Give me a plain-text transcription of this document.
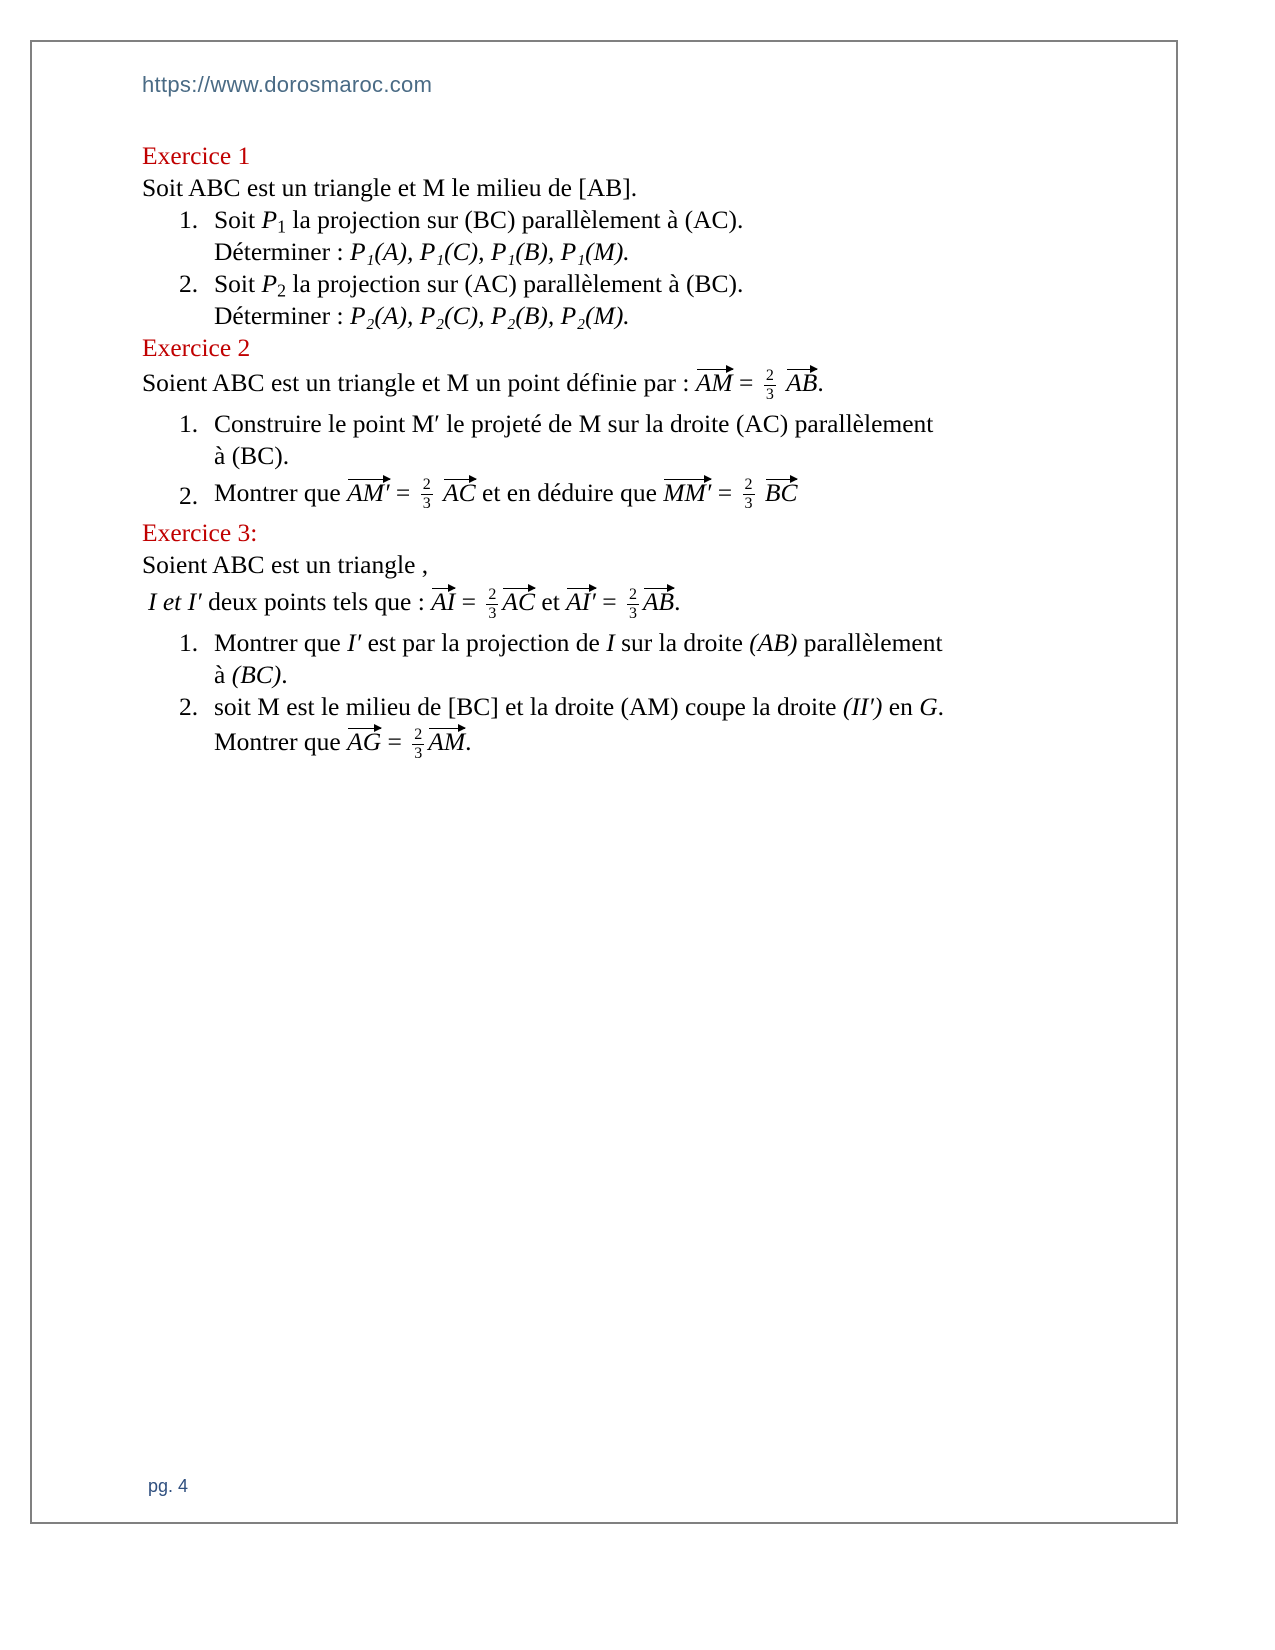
https://www.dorosmaroc.com

Exercice 1

Soit ABC est un triangle et M le milieu de [AB].

1. Soit $P_1$ la projection sur (BC) parallèlement à (AC).
Déterminer : P₁(A), P₁(C), P₁(B), P₁(M).
2. Soit $P_2$ la projection sur (AC) parallèlement à (BC).
Déterminer : P₂(A), P₂(C), P₂(B), P₂(M).

Exercice 2

Soient ABC est un triangle et M un point définie par : AM = $\frac{2}{3}$ AB.

1. Construire le point M′ le projeté de M sur la droite (AC) parallèlement
à (BC).
2. Montrer que $AM' = \frac{2}{3}$ AC et en déduire que $MM' = \frac{2}{3}$ BC

Exercice 3:

Soient ABC est un triangle ,

I et I′ deux points tels que : AI = $\frac{2}{3}$ AC et $AI' = \frac{2}{3}$ AB.

1. Montrer que I′ est par la projection de I sur la droite (AB) parallèlement
à (BC).
2. soit M est le milieu de [BC] et la droite (AM) coupe la droite (II′) en G.
Montrer que AG = $\frac{2}{3}$ AM.
pg. 4
